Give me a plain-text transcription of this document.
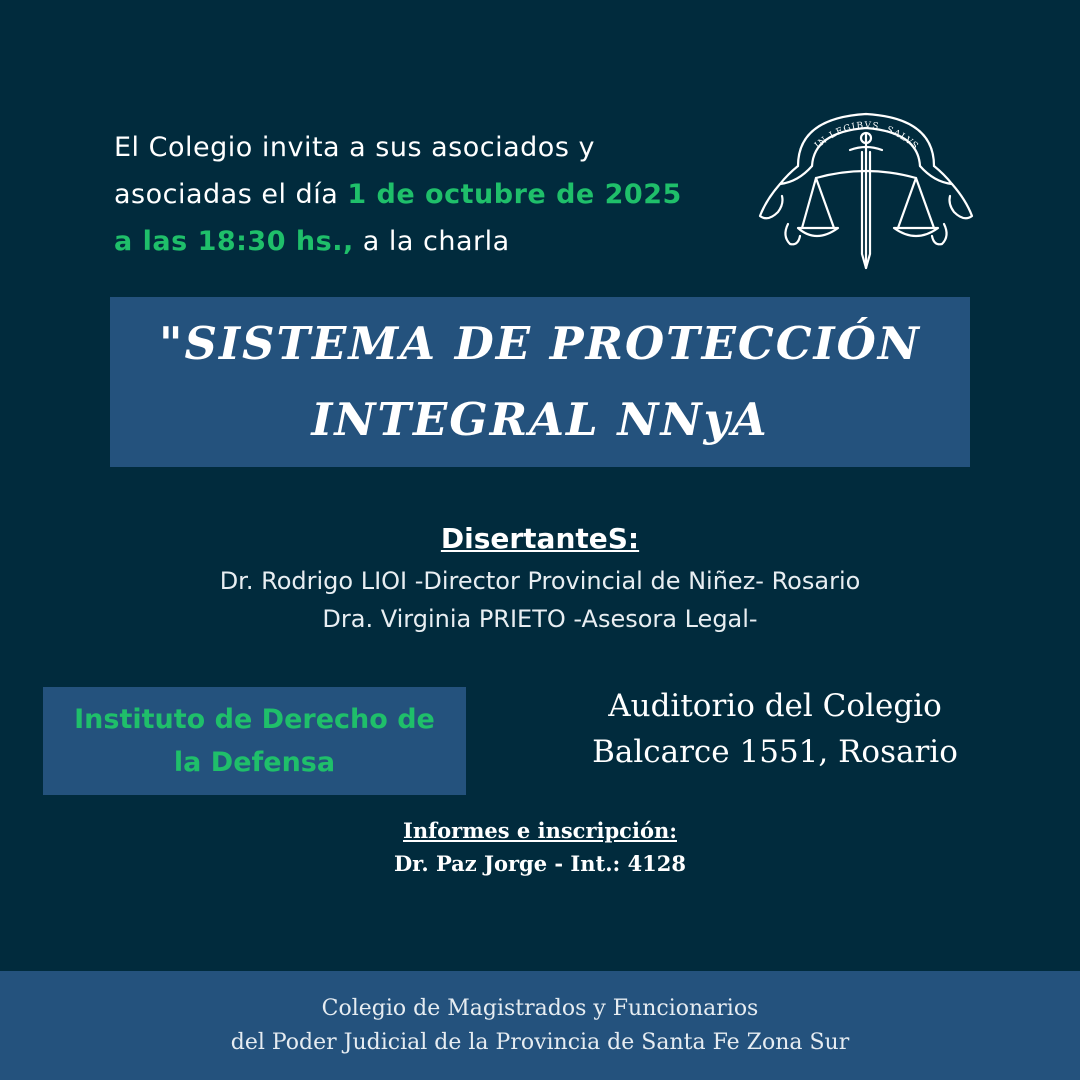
El Colegio invita a sus asociados y
asociadas el día 1 de octubre de 2025
a las 18:30 hs., a la charla
IN LEGIBVS SALVS
"SISTEMA DE PROTECCIÓN
INTEGRAL NNyA
DisertanteS:
Dr. Rodrigo LIOI -Director Provincial de Niñez- Rosario
Dra. Virginia PRIETO -Asesora Legal-
Instituto de Derecho de
la Defensa
Auditorio del Colegio
Balcarce 1551, Rosario
Informes e inscripción:
Dr. Paz Jorge - Int.: 4128
Colegio de Magistrados y Funcionarios
del Poder Judicial de la Provincia de Santa Fe Zona Sur
